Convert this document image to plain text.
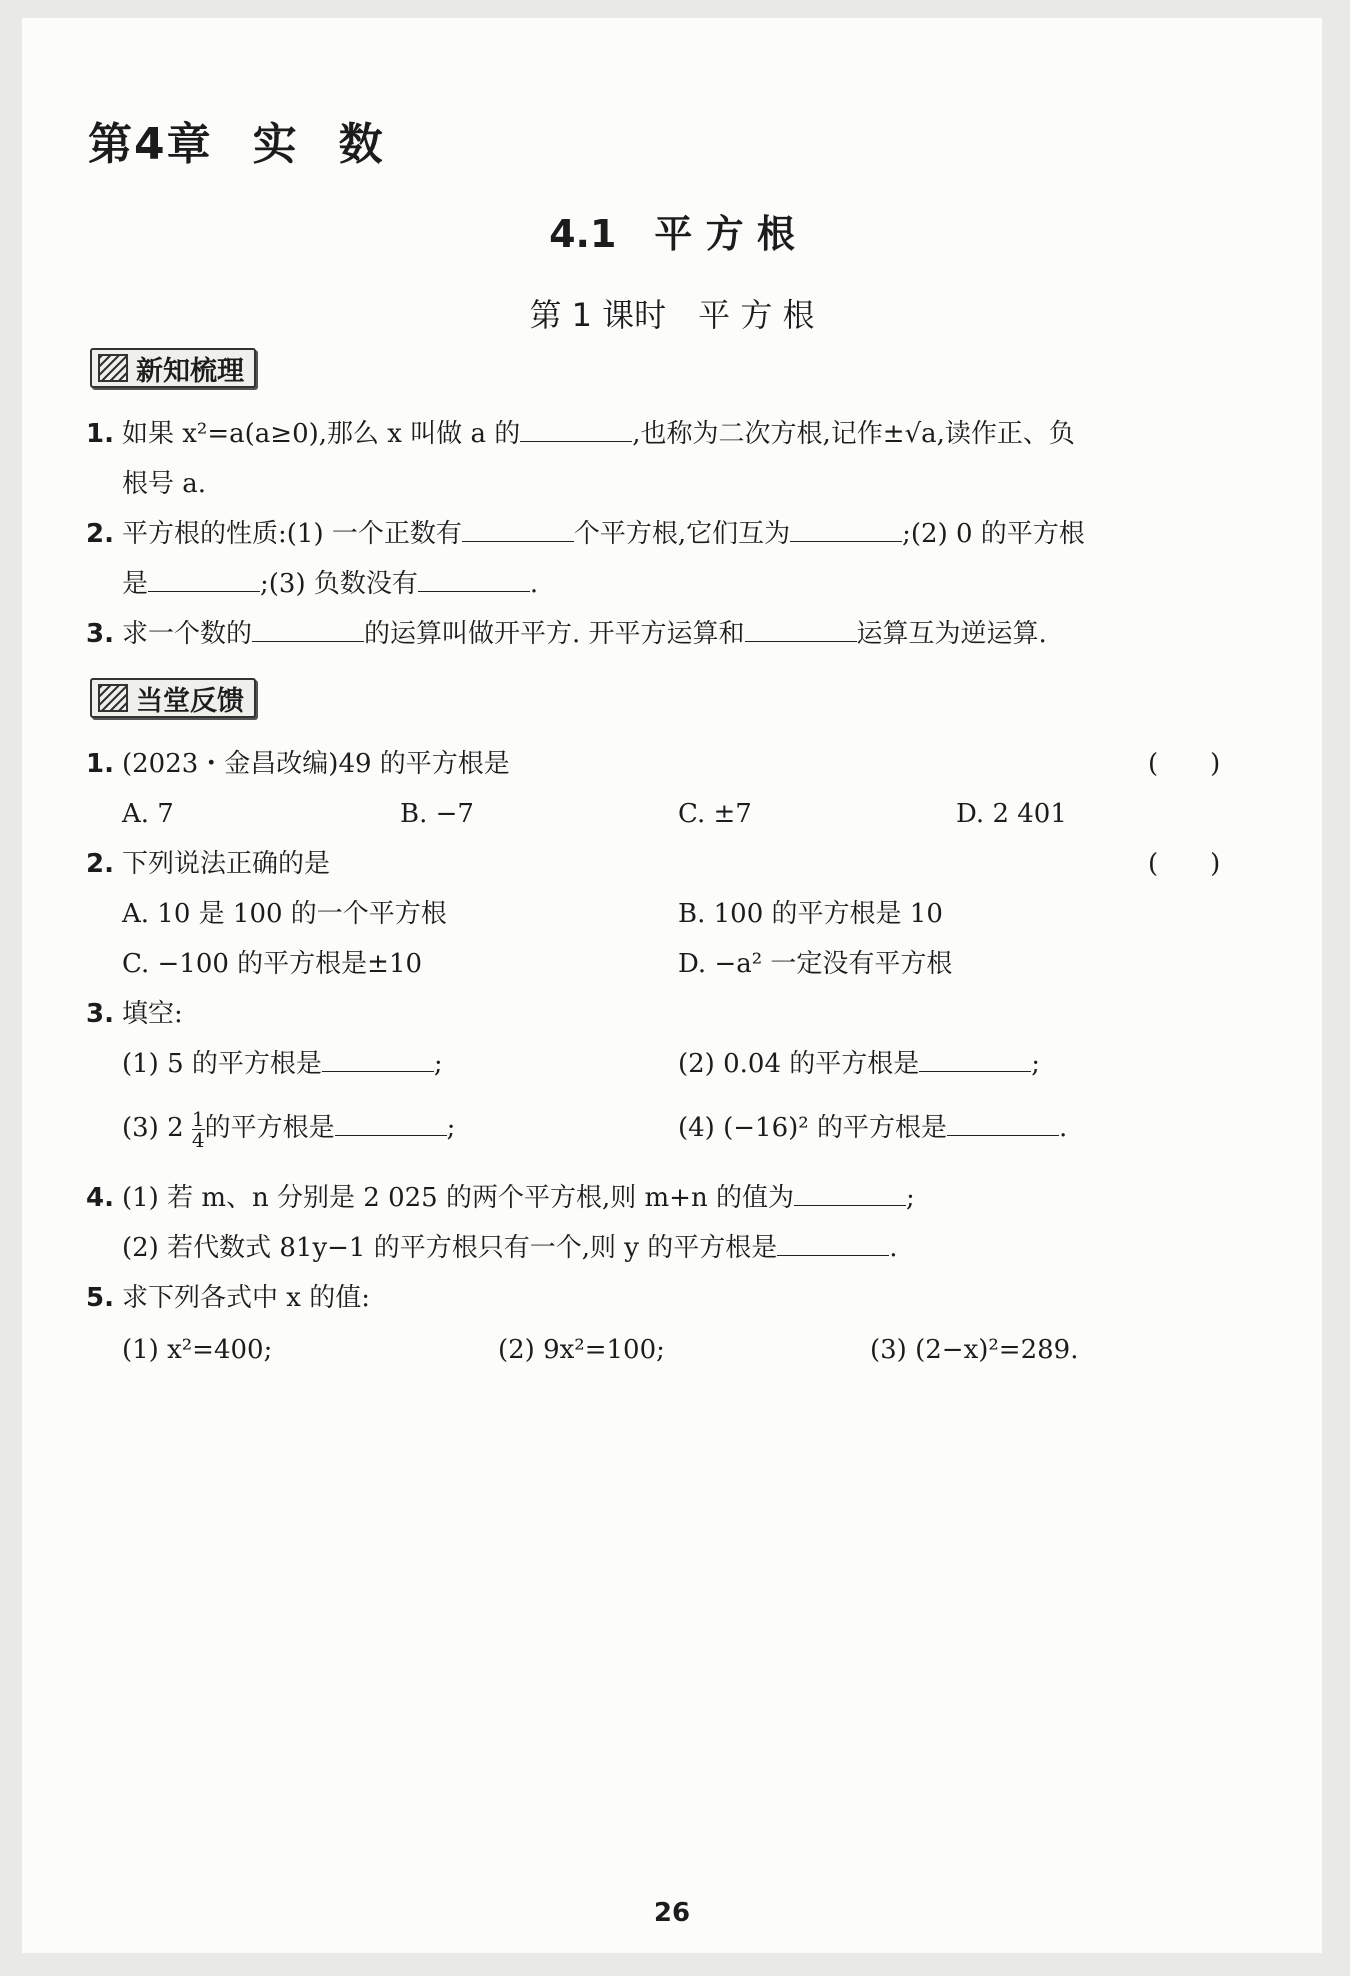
第4章 实 数
4.1　平 方 根
第 1 课时　平 方 根
新知梳理
1. 如果 x²=a(a≥0),那么 x 叫做 a 的	,也称为二次方根,记作±√a,读作正、负
根号 a.
2. 平方根的性质:(1) 一个正数有	个平方根,它们互为	;(2) 0 的平方根
是	;(3) 负数没有	.
3. 求一个数的	的运算叫做开平方. 开平方运算和	运算互为逆运算.
当堂反馈
1. (2023・金昌改编)49 的平方根是	(　　)
A. 7	B. −7	C. ±7	D. 2 401
2. 下列说法正确的是	(　　)
A. 10 是 100 的一个平方根	B. 100 的平方根是 10
C. −100 的平方根是±10	D. −a² 一定没有平方根
3. 填空:
(1) 5 的平方根是	;	(2) 0.04 的平方根是	;
(3) $2 \frac{1}{4}$ 的平方根是	;	(4) (−16)² 的平方根是	.
4. (1) 若 m、n 分别是 2 025 的两个平方根,则 m+n 的值为	;
(2) 若代数式 81y−1 的平方根只有一个,则 y 的平方根是	.
5. 求下列各式中 x 的值:
(1) x²=400;	(2) 9x²=100;	(3) (2−x)²=289.
26
